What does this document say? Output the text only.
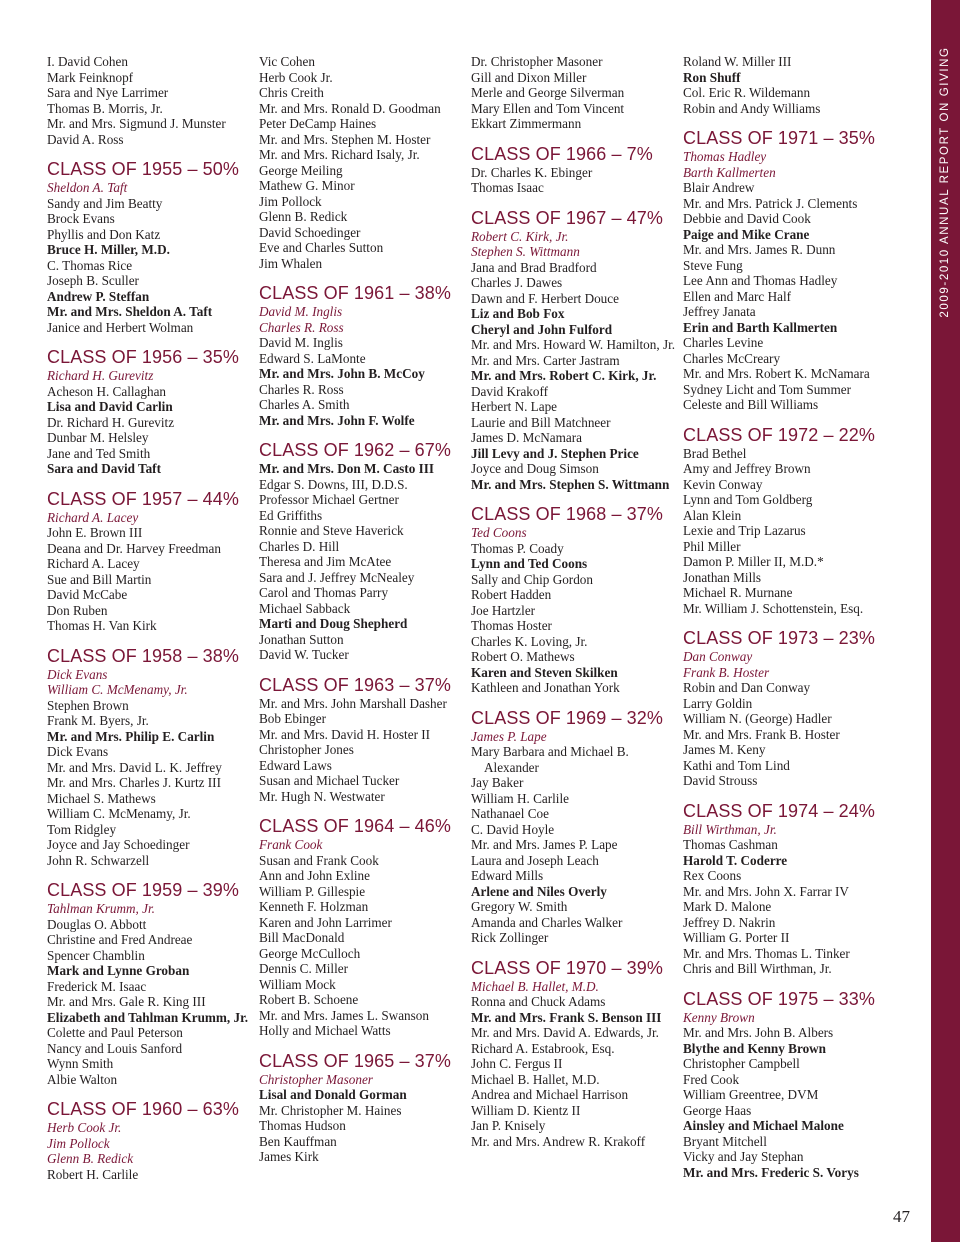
I. David Cohen
Mark Feinknopf
Sara and Nye Larrimer
Thomas B. Morris, Jr.
Mr. and Mrs. Sigmund J. Munster
David A. Ross
CLASS OF 1955 – 50%
Sheldon A. Taft
Sandy and Jim Beatty
Brock Evans
Phyllis and Don Katz
Bruce H. Miller, M.D.
C. Thomas Rice
Joseph B. Sculler
Andrew P. Steffan
Mr. and Mrs. Sheldon A. Taft
Janice and Herbert Wolman
CLASS OF 1956 – 35%
Richard H. Gurevitz
Acheson H. Callaghan
Lisa and David Carlin
Dr. Richard H. Gurevitz
Dunbar M. Helsley
Jane and Ted Smith
Sara and David Taft
CLASS OF 1957 – 44%
Richard A. Lacey
John E. Brown III
Deana and Dr. Harvey Freedman
Richard A. Lacey
Sue and Bill Martin
David McCabe
Don Ruben
Thomas H. Van Kirk
CLASS OF 1958 – 38%
Dick Evans
William C. McMenamy, Jr.
Stephen Brown
Frank M. Byers, Jr.
Mr. and Mrs. Philip E. Carlin
Dick Evans
Mr. and Mrs. David L. K. Jeffrey
Mr. and Mrs. Charles J. Kurtz III
Michael S. Mathews
William C. McMenamy, Jr.
Tom Ridgley
Joyce and Jay Schoedinger
John R. Schwarzell
CLASS OF 1959 – 39%
Tahlman Krumm, Jr.
Douglas O. Abbott
Christine and Fred Andreae
Spencer Chamblin
Mark and Lynne Groban
Frederick M. Isaac
Mr. and Mrs. Gale R. King III
Elizabeth and Tahlman Krumm, Jr.
Colette and Paul Peterson
Nancy and Louis Sanford
Wynn Smith
Albie Walton
CLASS OF 1960 – 63%
Herb Cook Jr.
Jim Pollock
Glenn B. Redick
Robert H. Carlile
Vic Cohen
Herb Cook Jr.
Chris Creith
Mr. and Mrs. Ronald D. Goodman
Peter DeCamp Haines
Mr. and Mrs. Stephen M. Hoster
Mr. and Mrs. Richard Isaly, Jr.
George Meiling
Mathew G. Minor
Jim Pollock
Glenn B. Redick
David Schoedinger
Eve and Charles Sutton
Jim Whalen
CLASS OF 1961 – 38%
David M. Inglis
Charles R. Ross
David M. Inglis
Edward S. LaMonte
Mr. and Mrs. John B. McCoy
Charles R. Ross
Charles A. Smith
Mr. and Mrs. John F. Wolfe
CLASS OF 1962 – 67%
Mr. and Mrs. Don M. Casto III
Edgar S. Downs, III, D.D.S.
Professor Michael Gertner
Ed Griffiths
Ronnie and Steve Haverick
Charles D. Hill
Theresa and Jim McAtee
Sara and J. Jeffrey McNealey
Carol and Thomas Parry
Michael Sabback
Marti and Doug Shepherd
Jonathan Sutton
David W. Tucker
CLASS OF 1963 – 37%
Mr. and Mrs. John Marshall Dasher
Bob Ebinger
Mr. and Mrs. David H. Hoster II
Christopher Jones
Edward Laws
Susan and Michael Tucker
Mr. Hugh N. Westwater
CLASS OF 1964 – 46%
Frank Cook
Susan and Frank Cook
Ann and John Exline
William P. Gillespie
Kenneth F. Holzman
Karen and John Larrimer
Bill MacDonald
George McCulloch
Dennis C. Miller
William Mock
Robert B. Schoene
Mr. and Mrs. James L. Swanson
Holly and Michael Watts
CLASS OF 1965 – 37%
Christopher Masoner
Lisal and Donald Gorman
Mr. Christopher M. Haines
Thomas Hudson
Ben Kauffman
James Kirk
Dr. Christopher Masoner
Gill and Dixon Miller
Merle and George Silverman
Mary Ellen and Tom Vincent
Ekkart Zimmermann
CLASS OF 1966 – 7%
Dr. Charles K. Ebinger
Thomas Isaac
CLASS OF 1967 – 47%
Robert C. Kirk, Jr.
Stephen S. Wittmann
Jana and Brad Bradford
Charles J. Dawes
Dawn and F. Herbert Douce
Liz and Bob Fox
Cheryl and John Fulford
Mr. and Mrs. Howard W. Hamilton, Jr.
Mr. and Mrs. Carter Jastram
Mr. and Mrs. Robert C. Kirk, Jr.
David Krakoff
Herbert N. Lape
Laurie and Bill Matchneer
James D. McNamara
Jill Levy and J. Stephen Price
Joyce and Doug Simson
Mr. and Mrs. Stephen S. Wittmann
CLASS OF 1968 – 37%
Ted Coons
Thomas P. Coady
Lynn and Ted Coons
Sally and Chip Gordon
Robert Hadden
Joe Hartzler
Thomas Hoster
Charles K. Loving, Jr.
Robert O. Mathews
Karen and Steven Skilken
Kathleen and Jonathan York
CLASS OF 1969 – 32%
James P. Lape
Mary Barbara and Michael B. Alexander
Jay Baker
William H. Carlile
Nathanael Coe
C. David Hoyle
Mr. and Mrs. James P. Lape
Laura and Joseph Leach
Edward Mills
Arlene and Niles Overly
Gregory W. Smith
Amanda and Charles Walker
Rick Zollinger
CLASS OF 1970 – 39%
Michael B. Hallet, M.D.
Ronna and Chuck Adams
Mr. and Mrs. Frank S. Benson III
Mr. and Mrs. David A. Edwards, Jr.
Richard A. Estabrook, Esq.
John C. Fergus II
Michael B. Hallet, M.D.
Andrea and Michael Harrison
William D. Kientz II
Jan P. Knisely
Mr. and Mrs. Andrew R. Krakoff
Roland W. Miller III
Ron Shuff
Col. Eric R. Wildemann
Robin and Andy Williams
CLASS OF 1971 – 35%
Thomas Hadley
Barth Kallmerten
Blair Andrew
Mr. and Mrs. Patrick J. Clements
Debbie and David Cook
Paige and Mike Crane
Mr. and Mrs. James R. Dunn
Steve Fung
Lee Ann and Thomas Hadley
Ellen and Marc Half
Jeffrey Janata
Erin and Barth Kallmerten
Charles Levine
Charles McCreary
Mr. and Mrs. Robert K. McNamara
Sydney Licht and Tom Summer
Celeste and Bill Williams
CLASS OF 1972 – 22%
Brad Bethel
Amy and Jeffrey Brown
Kevin Conway
Lynn and Tom Goldberg
Alan Klein
Lexie and Trip Lazarus
Phil Miller
Damon P. Miller II, M.D.*
Jonathan Mills
Michael R. Murnane
Mr. William J. Schottenstein, Esq.
CLASS OF 1973 – 23%
Dan Conway
Frank B. Hoster
Robin and Dan Conway
Larry Goldin
William N. (George) Hadler
Mr. and Mrs. Frank B. Hoster
James M. Keny
Kathi and Tom Lind
David Strouss
CLASS OF 1974 – 24%
Bill Wirthman, Jr.
Thomas Cashman
Harold T. Coderre
Rex Coons
Mr. and Mrs. John X. Farrar IV
Mark D. Malone
Jeffrey D. Nakrin
William G. Porter II
Mr. and Mrs. Thomas L. Tinker
Chris and Bill Wirthman, Jr.
CLASS OF 1975 – 33%
Kenny Brown
Mr. and Mrs. John B. Albers
Blythe and Kenny Brown
Christopher Campbell
Fred Cook
William Greentree, DVM
George Haas
Ainsley and Michael Malone
Bryant Mitchell
Vicky and Jay Stephan
Mr. and Mrs. Frederic S. Vorys
2009-2010 ANNUAL REPORT ON GIVING
47
